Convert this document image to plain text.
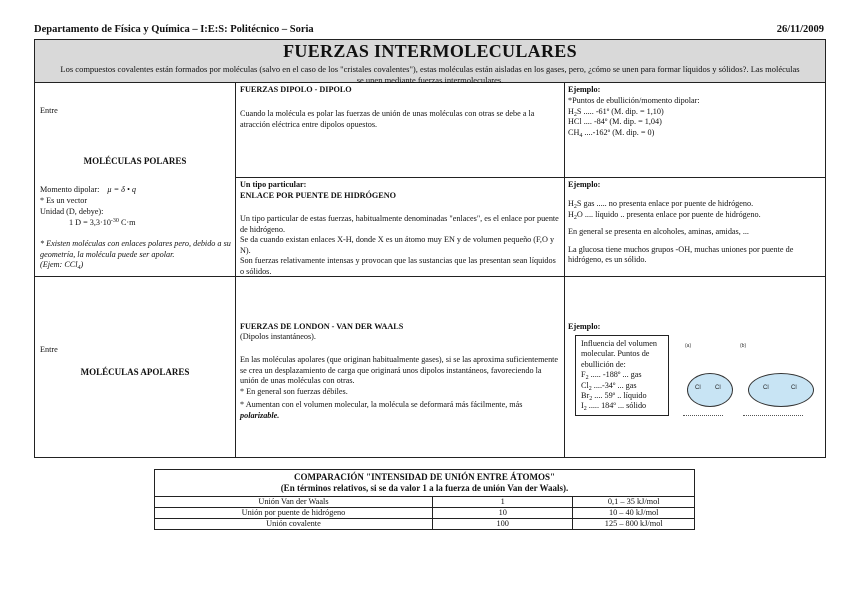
Departamento de Física y Química – I:E:S: Politécnico – Soria	26/11/2009
FUERZAS INTERMOLECULARES
Los compuestos covalentes están formados por moléculas (salvo en el caso de los "cristales covalentes"), estas moléculas están aisladas en los gases, pero, ¿cómo se unen para formar líquidos y sólidos?. Las moléculas se unen mediante fuerzas intermoleculares.
Entre
MOLÉCULAS POLARES
Momento dipolar: μ = δ • q
* Es un vector
Unidad (D, debye):
1 $D = 3,3\cdot 10^{-30}$ C·m
* Existen moléculas con enlaces polares pero, debido a su geometría, la molécula puede ser apolar.
(Ejem: CCl$_4$)
FUERZAS DIPOLO - DIPOLO
Cuando la molécula es polar las fuerzas de unión de unas moléculas con otras se debe a la atracción eléctrica entre dipolos opuestos.
Ejemplo:
*Puntos de ebullición/momento dipolar:
$H_2S$ ..... -61º (M. dip. = 1,10)
HCl .... -84º (M. dip. = 1,04)
$CH_4$ ....-162º (M. dip. = 0)
Un tipo particular:
ENLACE POR PUENTE DE HIDRÓGENO
Un tipo particular de estas fuerzas, habitualmente denominadas "enlaces", es el enlace por puente de hidrógeno.
Se da cuando existan enlaces X-H, donde X es un átomo muy EN y de volumen pequeño (F,O y N).
Son fuerzas relativamente intensas y provocan que las sustancias que las presentan sean líquidos o sólidos.
Ejemplo:
$H_2S$ gas ..... no presenta enlace por puente de hidrógeno.
$H_2O$ .... líquido .. presenta enlace por puente de hidrógeno.
En general se presenta en alcoholes, aminas, amidas, ...
La glucosa tiene muchos grupos -OH, muchas uniones por puente de hidrógeno, es un sólido.
MOLÉCULAS APOLARES
Entre
FUERZAS DE LONDON - VAN DER WAALS
(Dipolos instantáneos).
En las moléculas apolares (que originan habitualmente gases), si se las aproxima suficientemente se crea un desplazamiento de carga que originará unos dipolos instantáneos, favoreciendo la unión de unas moléculas con otras.
* En general son fuerzas débiles.
* Aumentan con el volumen molecular, la molécula se deformará más fácilmente, más polarizable.
Ejemplo:
Influencia del volumen molecular. Puntos de ebullición de:
$F_2$ ..... -188º ... gas
$Cl_2$ ....-34º ... gas
$Br_2$ .... 59º .. líquido
$I_2$ ..... 184º ... sólido
(a)	(b)
Cl Cl	Cl	Cl
COMPARACIÓN "INTENSIDAD DE UNIÓN ENTRE ÁTOMOS"
(En términos relativos, si se da valor 1 a la fuerza de unión Van der Waals).
Unión Van der Waals	1	0,1 – 35 kJ/mol
Unión por puente de hidrógeno	10	10 – 40 kJ/mol
Unión covalente	100	125 – 800 kJ/mol
